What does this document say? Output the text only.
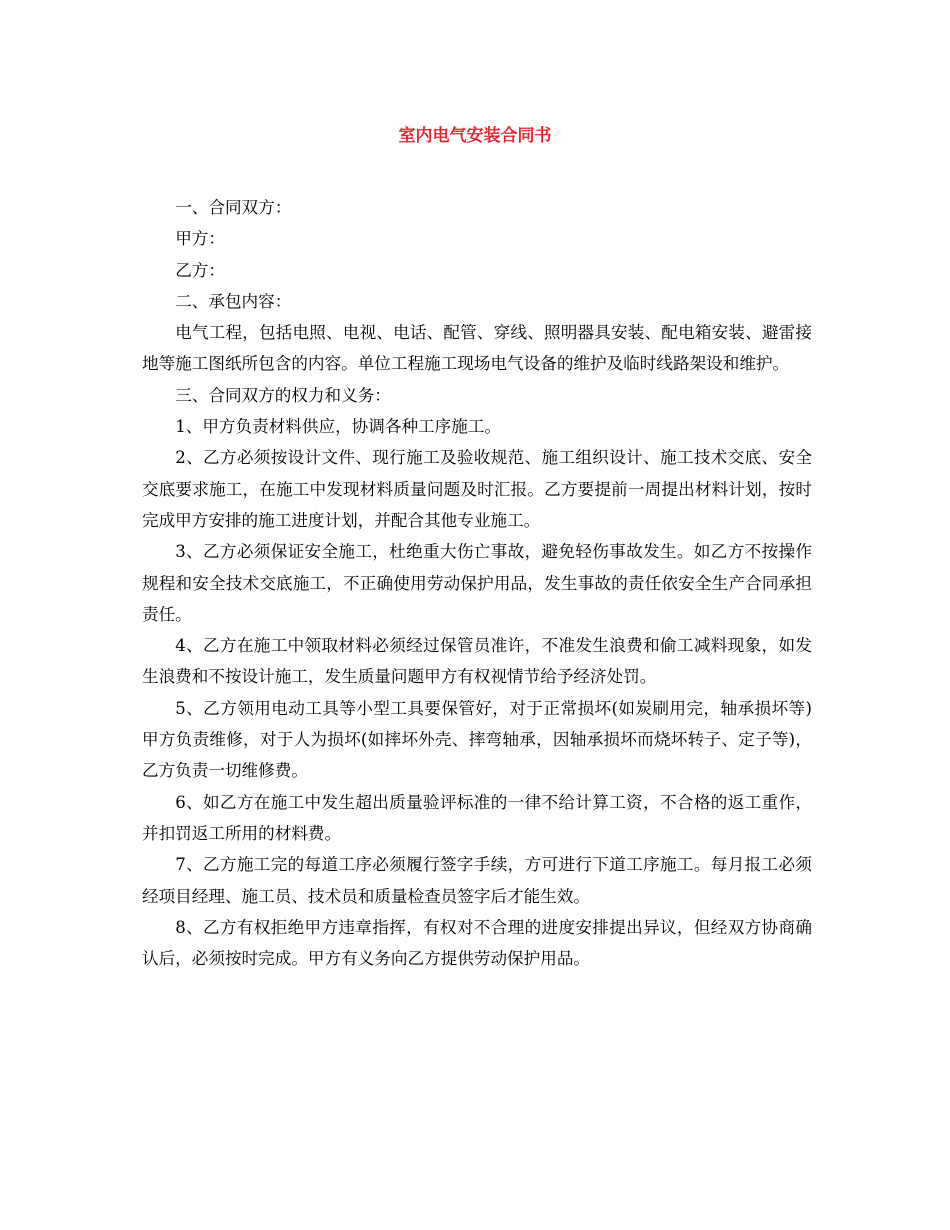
室内电气安装合同书

一、合同双方：

甲方：

乙方：

二、承包内容：

电气工程，包括电照、电视、电话、配管、穿线、照明器具安装、配电箱安装、避雷接地等施工图纸所包含的内容。单位工程施工现场电气设备的维护及临时线路架设和维护。

三、合同双方的权力和义务：

1、甲方负责材料供应，协调各种工序施工。

2、乙方必须按设计文件、现行施工及验收规范、施工组织设计、施工技术交底、安全交底要求施工，在施工中发现材料质量问题及时汇报。乙方要提前一周提出材料计划，按时完成甲方安排的施工进度计划，并配合其他专业施工。

3、乙方必须保证安全施工，杜绝重大伤亡事故，避免轻伤事故发生。如乙方不按操作规程和安全技术交底施工，不正确使用劳动保护用品，发生事故的责任依安全生产合同承担责任。

4、乙方在施工中领取材料必须经过保管员准许，不准发生浪费和偷工减料现象，如发生浪费和不按设计施工，发生质量问题甲方有权视情节给予经济处罚。

5、乙方领用电动工具等小型工具要保管好，对于正常损坏(如炭刷用完，轴承损坏等)甲方负责维修，对于人为损坏(如摔坏外壳、摔弯轴承，因轴承损坏而烧坏转子、定子等)，乙方负责一切维修费。

6、如乙方在施工中发生超出质量验评标准的一律不给计算工资，不合格的返工重作，并扣罚返工所用的材料费。

7、乙方施工完的每道工序必须履行签字手续，方可进行下道工序施工。每月报工必须经项目经理、施工员、技术员和质量检查员签字后才能生效。

8、乙方有权拒绝甲方违章指挥，有权对不合理的进度安排提出异议，但经双方协商确认后，必须按时完成。甲方有义务向乙方提供劳动保护用品。
